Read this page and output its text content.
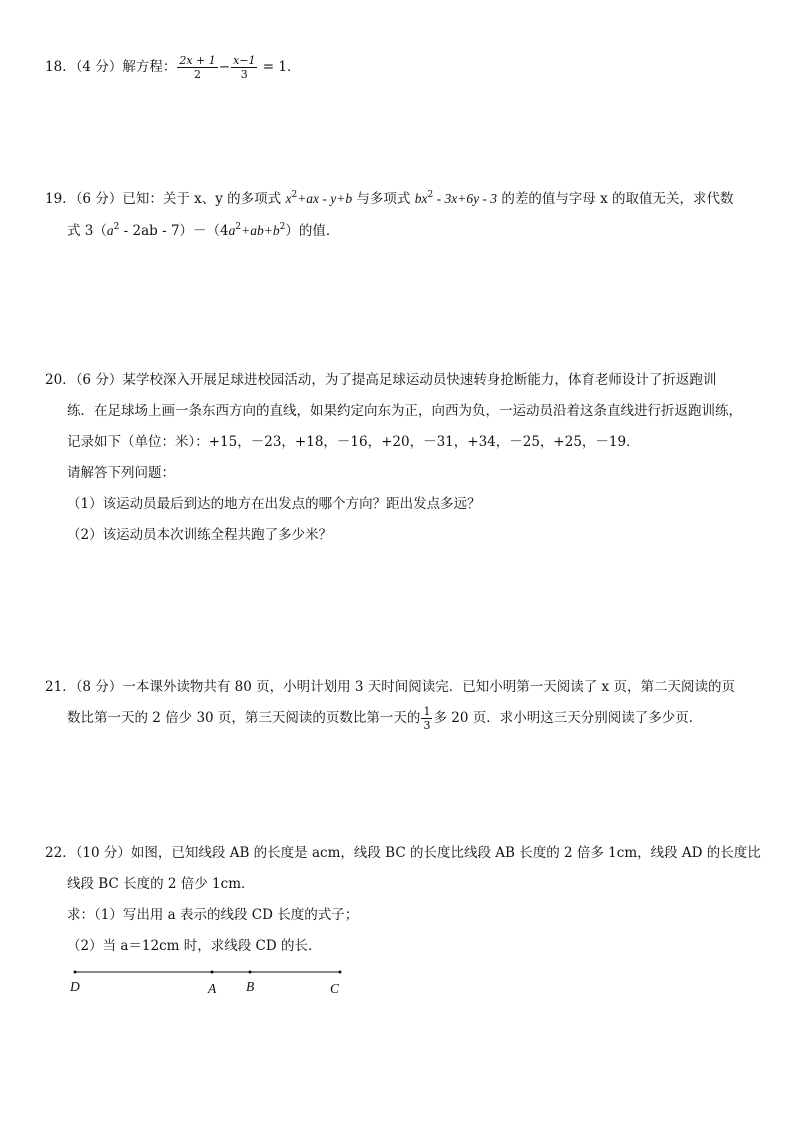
18．（4 分）解方程： $\frac{2x + 1}{2} - \frac{x-1}{3} = 1$．
19．（6 分）已知：关于 x、y 的多项式 $x^2+ax - y+b$ 与多项式 $bx^2 - 3x+6y - 3$ 的差的值与字母 x 的取值无关，求代数
式 $3(a^2 - 2ab - 7)-(4a^2+ab+b^2)$的值．
20．（6 分）某学校深入开展足球进校园活动，为了提高足球运动员快速转身抢断能力，体育老师设计了折返跑训
练．在足球场上画一条东西方向的直线，如果约定向东为正，向西为负，一运动员沿着这条直线进行折返跑训练，
记录如下（单位：米）：+15，－23，+18，－16，+20，－31，+34，－25，+25，－19．
请解答下列问题：
（1）该运动员最后到达的地方在出发点的哪个方向？距出发点多远？
（2）该运动员本次训练全程共跑了多少米？
21．（8 分）一本课外读物共有 80 页，小明计划用 3 天时间阅读完．已知小明第一天阅读了 x 页，第二天阅读的页
数比第一天的 2 倍少 30 页，第三天阅读的页数比第一天的 $\frac{1}{3}$ 多 20 页．求小明这三天分别阅读了多少页．
22．（10 分）如图，已知线段 AB 的长度是 acm，线段 BC 的长度比线段 AB 长度的 2 倍多 1cm，线段 AD 的长度比
线段 BC 长度的 2 倍少 1cm．
求：（1）写出用 a 表示的线段 CD 长度的式子；
（2）当 a＝12cm 时，求线段 CD 的长．
D	A B	C
